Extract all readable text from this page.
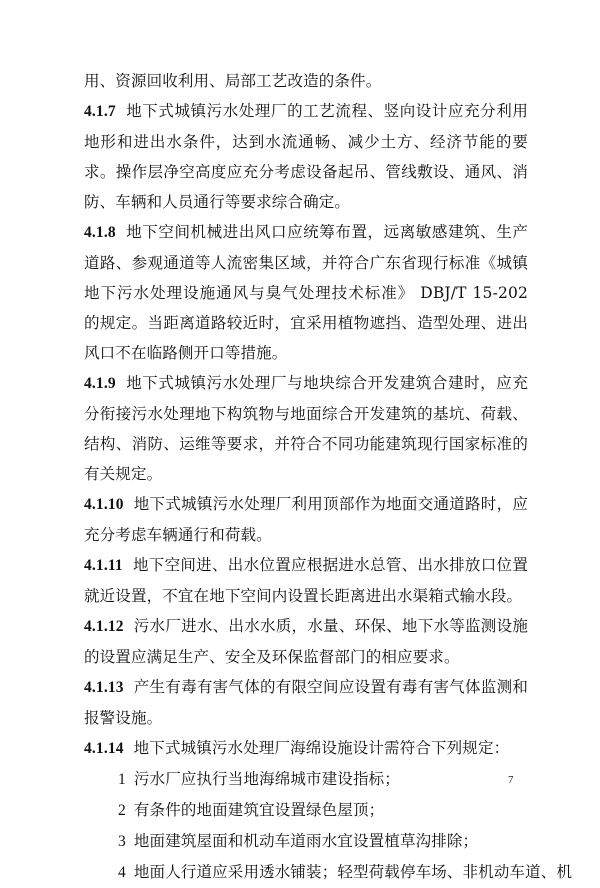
用、资源回收利用、局部工艺改造的条件。

4.1.7 地下式城镇污水处理厂的工艺流程、竖向设计应充分利用地形和进出水条件，达到水流通畅、减少土方、经济节能的要求。操作层净空高度应充分考虑设备起吊、管线敷设、通风、消防、车辆和人员通行等要求综合确定。

4.1.8 地下空间机械进出风口应统筹布置，远离敏感建筑、生产道路、参观通道等人流密集区域，并符合广东省现行标准《城镇地下污水处理设施通风与臭气处理技术标准》 DBJ/T 15-202 的规定。当距离道路较近时，宜采用植物遮挡、造型处理、进出风口不在临路侧开口等措施。

4.1.9 地下式城镇污水处理厂与地块综合开发建筑合建时，应充分衔接污水处理地下构筑物与地面综合开发建筑的基坑、荷载、结构、消防、运维等要求，并符合不同功能建筑现行国家标准的有关规定。

4.1.10 地下式城镇污水处理厂利用顶部作为地面交通道路时，应充分考虑车辆通行和荷载。

4.1.11 地下空间进、出水位置应根据进水总管、出水排放口位置就近设置，不宜在地下空间内设置长距离进出水渠箱式输水段。

4.1.12 污水厂进水、出水水质，水量、环保、地下水等监测设施的设置应满足生产、安全及环保监督部门的相应要求。

4.1.13 产生有毒有害气体的有限空间应设置有毒有害气体监测和报警设施。

4.1.14 地下式城镇污水处理厂海绵设施设计需符合下列规定：

1 污水厂应执行当地海绵城市建设指标；

2 有条件的地面建筑宜设置绿色屋顶；

3 地面建筑屋面和机动车道雨水宜设置植草沟排除；

4 地面人行道应采用透水铺装；轻型荷载停车场、非机动车道、机

7
